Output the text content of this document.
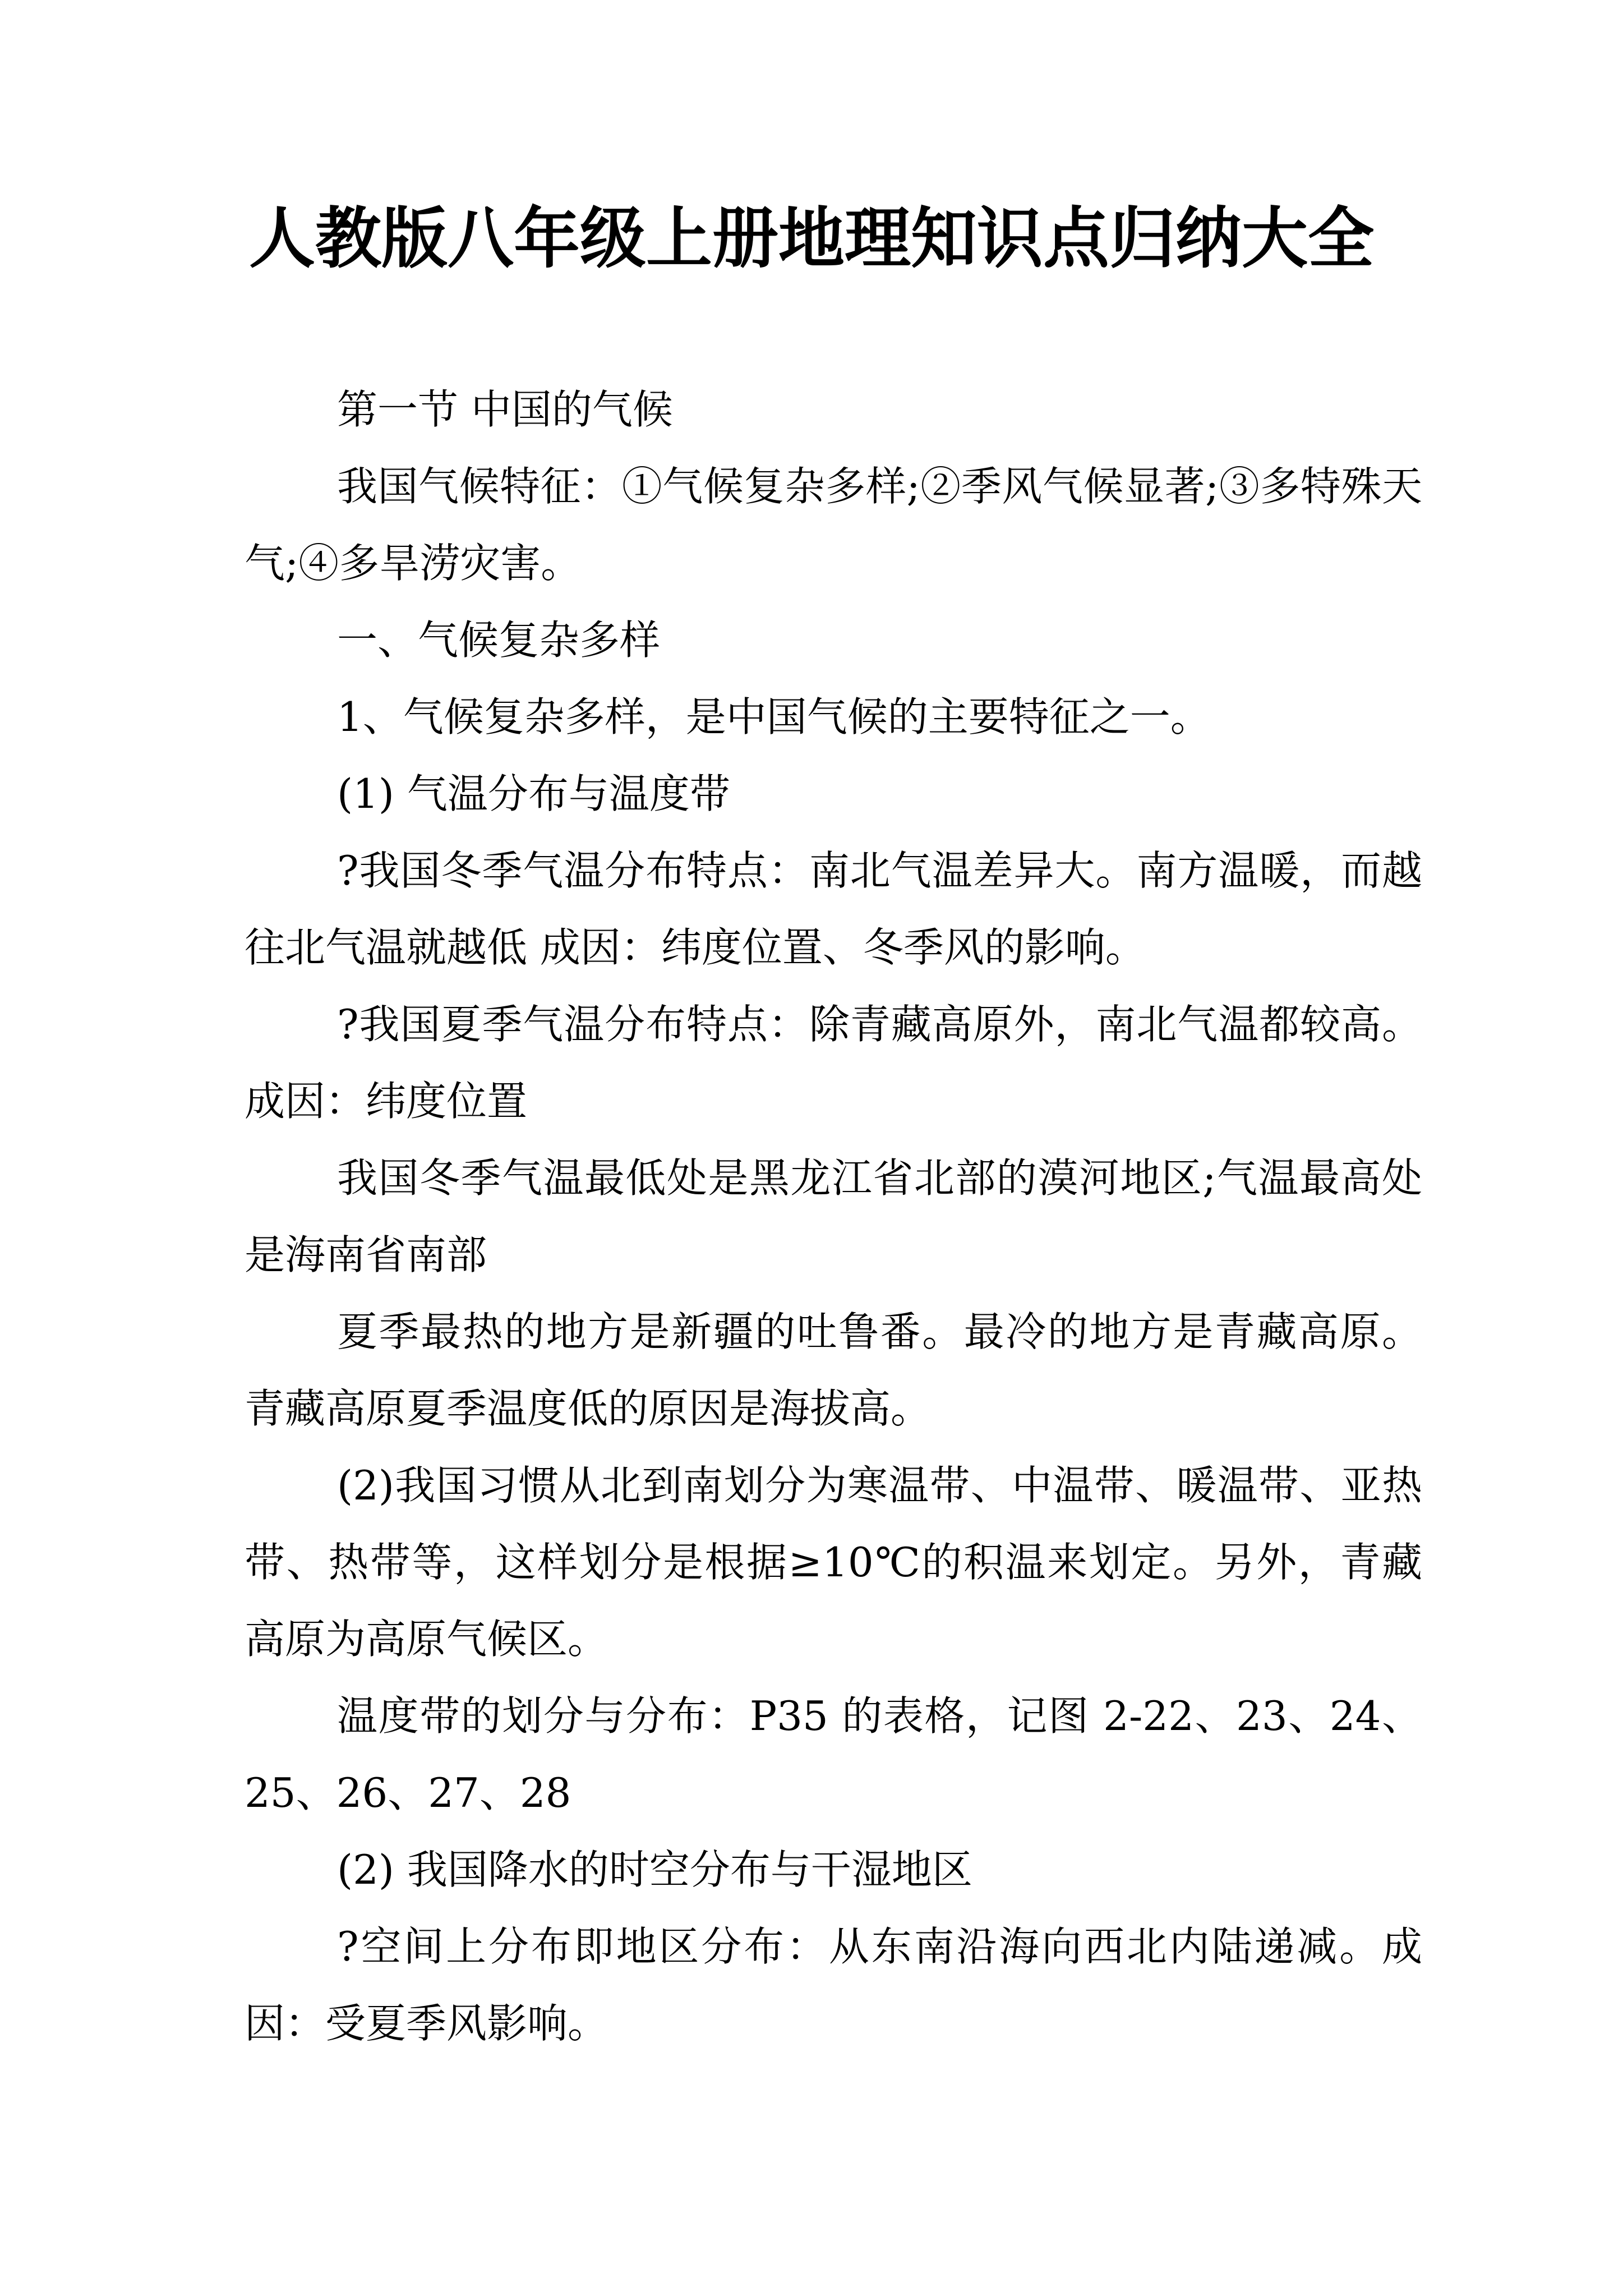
人教版八年级上册地理知识点归纳大全

第一节 中国的气候

我国气候特征：①气候复杂多样;②季风气候显著;③多特殊天气;④多旱涝灾害。

一、气候复杂多样

1、气候复杂多样，是中国气候的主要特征之一。

(1) 气温分布与温度带

?我国冬季气温分布特点：南北气温差异大。南方温暖，而越往北气温就越低 成因：纬度位置、冬季风的影响。

?我国夏季气温分布特点：除青藏高原外，南北气温都较高。成因：纬度位置

我国冬季气温最低处是黑龙江省北部的漠河地区;气温最高处是海南省南部

夏季最热的地方是新疆的吐鲁番。最冷的地方是青藏高原。青藏高原夏季温度低的原因是海拔高。

(2)我国习惯从北到南划分为寒温带、中温带、暖温带、亚热带、热带等，这样划分是根据≥10℃的积温来划定。另外，青藏高原为高原气候区。

温度带的划分与分布：P35 的表格，记图 2-22、23、24、25、26、27、28

(2) 我国降水的时空分布与干湿地区

?空间上分布即地区分布：从东南沿海向西北内陆递减。成因：受夏季风影响。
